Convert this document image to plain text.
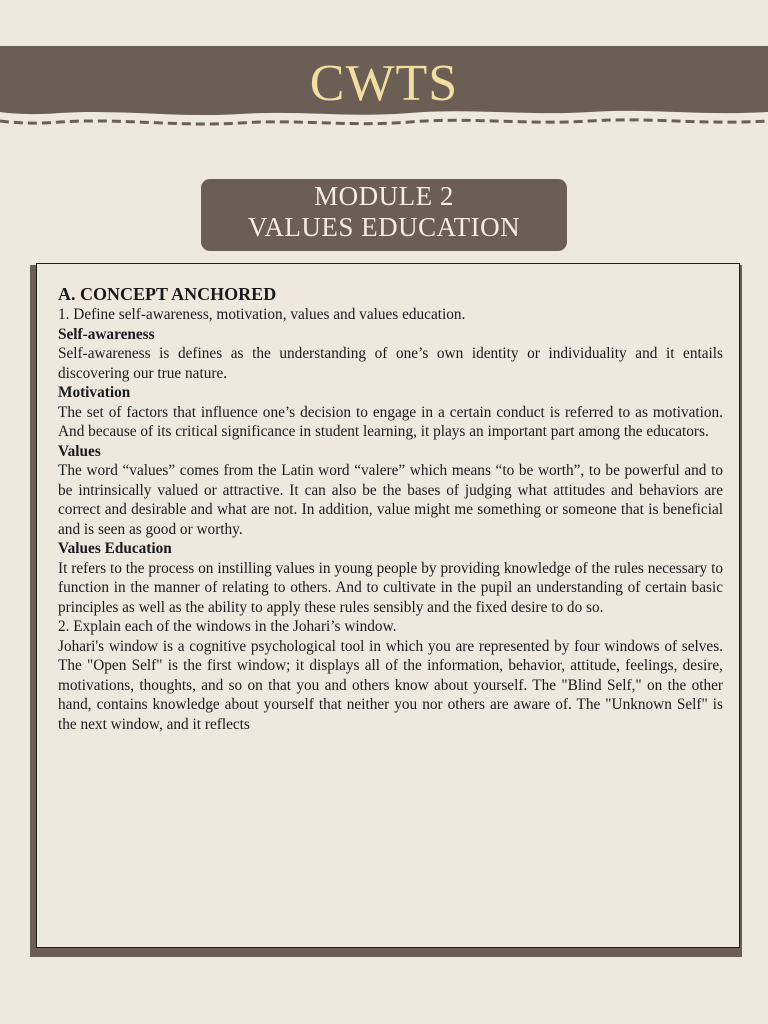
CWTS
MODULE 2
VALUES EDUCATION
A. CONCEPT ANCHORED

1. Define self-awareness, motivation, values and values education.

Self-awareness

Self-awareness is defines as the understanding of one’s own identity or individuality and it entails discovering our true nature.

Motivation

The set of factors that influence one’s decision to engage in a certain conduct is referred to as motivation. And because of its critical significance in student learning, it plays an important part among the educators.

Values

The word “values” comes from the Latin word “valere” which means “to be worth”, to be powerful and to be intrinsically valued or attractive. It can also be the bases of judging what attitudes and behaviors are correct and desirable and what are not. In addition, value might me something or someone that is beneficial and is seen as good or worthy.

Values Education

It refers to the process on instilling values in young people by providing knowledge of the rules necessary to function in the manner of relating to others. And to cultivate in the pupil an understanding of certain basic principles as well as the ability to apply these rules sensibly and the fixed desire to do so.

2. Explain each of the windows in the Johari’s window.

Johari's window is a cognitive psychological tool in which you are represented by four windows of selves. The "Open Self" is the first window; it displays all of the information, behavior, attitude, feelings, desire, motivations, thoughts, and so on that you and others know about yourself. The "Blind Self," on the other hand, contains knowledge about yourself that neither you nor others are aware of. The "Unknown Self" is the next window, and it reflects
